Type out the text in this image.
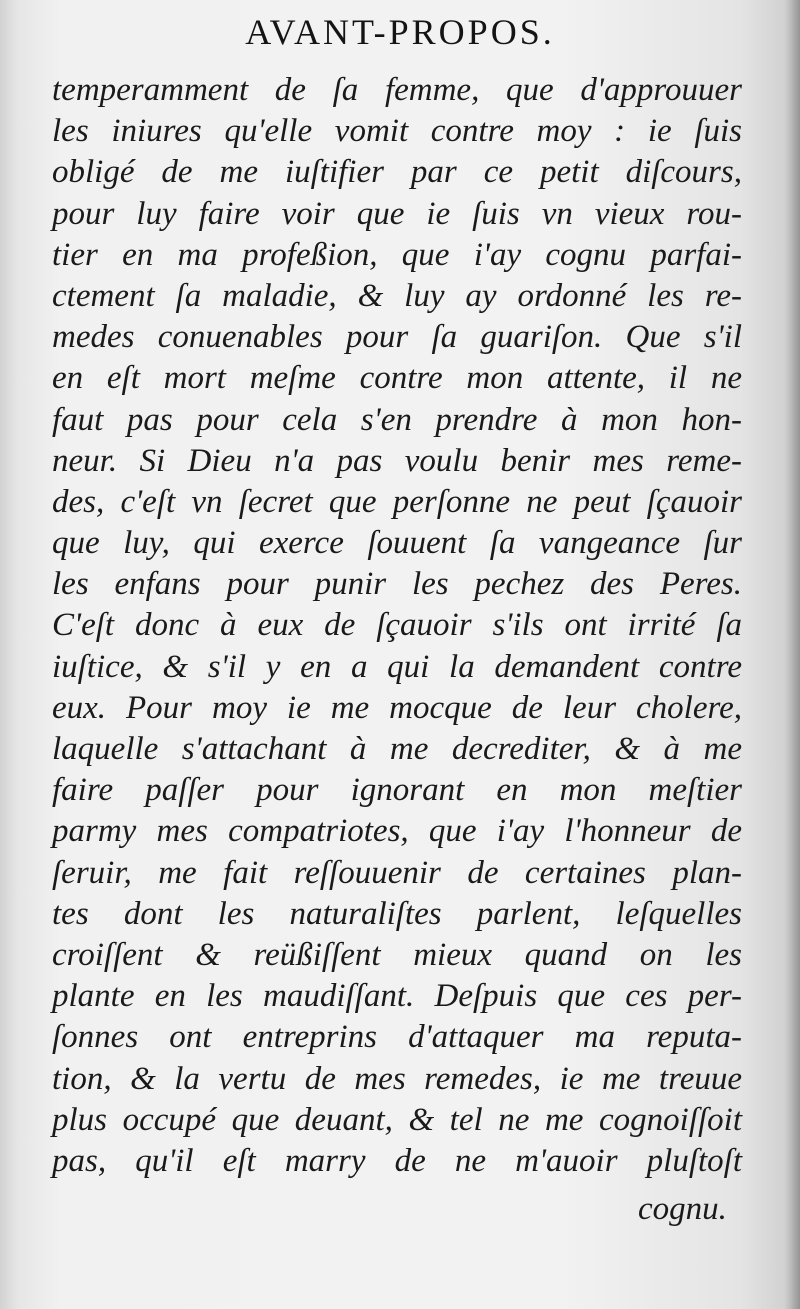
AVANT-PROPOS.
temperamment de ſa femme, que d'approuuer
les iniures qu'elle vomit contre moy : ie ſuis
obligé de me iuſtifier par ce petit diſcours,
pour luy faire voir que ie ſuis vn vieux rou-
tier en ma profeßion, que i'ay cognu parfai-
ctement ſa maladie, & luy ay ordonné les re-
medes conuenables pour ſa guariſon. Que s'il
en eſt mort meſme contre mon attente, il ne
faut pas pour cela s'en prendre à mon hon-
neur. Si Dieu n'a pas voulu benir mes reme-
des, c'eſt vn ſecret que perſonne ne peut ſçauoir
que luy, qui exerce ſouuent ſa vangeance ſur
les enfans pour punir les pechez des Peres.
C'eſt donc à eux de ſçauoir s'ils ont irrité ſa
iuſtice, & s'il y en a qui la demandent contre
eux. Pour moy ie me mocque de leur cholere,
laquelle s'attachant à me decrediter, & à me
faire paſſer pour ignorant en mon meſtier
parmy mes compatriotes, que i'ay l'honneur de
ſeruir, me fait reſſouuenir de certaines plan-
tes dont les naturaliſtes parlent, leſquelles
croiſſent & reüßiſſent mieux quand on les
plante en les maudiſſant. Deſpuis que ces per-
ſonnes ont entreprins d'attaquer ma reputa-
tion, & la vertu de mes remedes, ie me treuue
plus occupé que deuant, & tel ne me cognoiſſoit
pas, qu'il eſt marry de ne m'auoir pluſtoſt
cognu.
